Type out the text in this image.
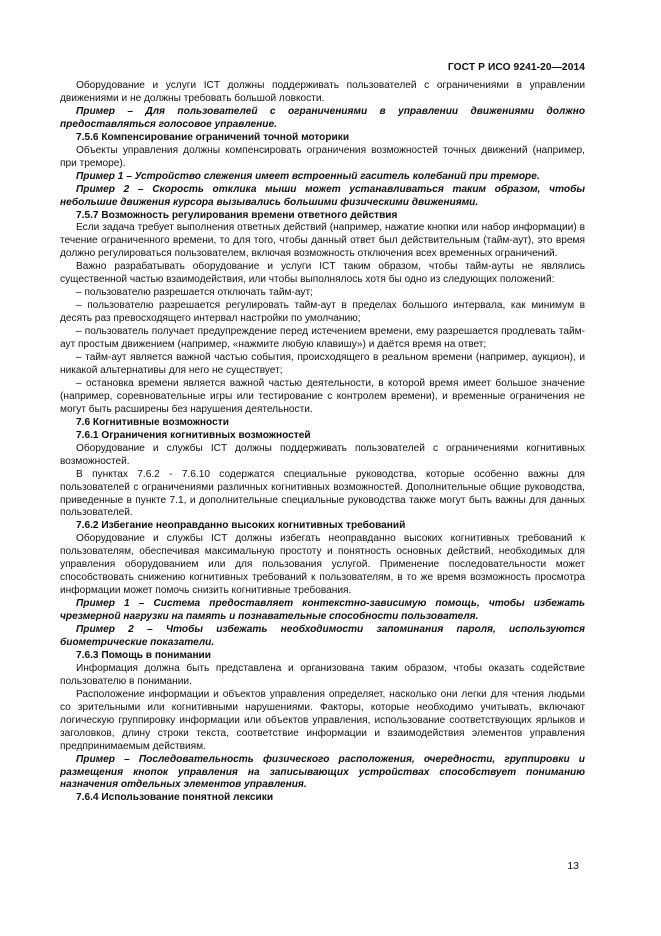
ГОСТ Р ИСО 9241-20—2014

Оборудование и услуги ICT должны поддерживать пользователей с ограничениями в управлении движениями и не должны требовать большой ловкости.

Пример – Для пользователей с ограничениями в управлении движениями должно предоставляться голосовое управление.

7.5.6 Компенсирование ограничений точной моторики

Объекты управления должны компенсировать ограничения возможностей точных движений (например, при треморе).

Пример 1 – Устройство слежения имеет встроенный гаситель колебаний при треморе.

Пример 2 – Скорость отклика мыши может устанавливаться таким образом, чтобы небольшие движения курсора вызывались большими физическими движениями.

7.5.7 Возможность регулирования времени ответного действия

Если задача требует выполнения ответных действий (например, нажатие кнопки или набор информации) в течение ограниченного времени, то для того, чтобы данный ответ был действительным (тайм-аут), это время должно регулироваться пользователем, включая возможность отключения всех временных ограничений.

Важно разрабатывать оборудование и услуги ICT таким образом, чтобы тайм-ауты не являлись существенной частью взаимодействия, или чтобы выполнялось хотя бы одно из следующих положений:

– пользователю разрешается отключать тайм-аут;

– пользователю разрешается регулировать тайм-аут в пределах большого интервала, как минимум в десять раз превосходящего интервал настройки по умолчанию;

– пользователь получает предупреждение перед истечением времени, ему разрешается продлевать тайм-аут простым движением (например, «нажмите любую клавишу») и даётся время на ответ;

– тайм-аут является важной частью события, происходящего в реальном времени (например, аукцион), и никакой альтернативы для него не существует;

– остановка времени является важной частью деятельности, в которой время имеет большое значение (например, соревновательные игры или тестирование с контролем времени), и временные ограничения не могут быть расширены без нарушения деятельности.

7.6 Когнитивные возможности

7.6.1 Ограничения когнитивных возможностей

Оборудование и службы ICT должны поддерживать пользователей с ограничениями когнитивных возможностей.

В пунктах 7.6.2 - 7.6.10 содержатся специальные руководства, которые особенно важны для пользователей с ограничениями различных когнитивных возможностей. Дополнительные общие руководства, приведенные в пункте 7.1, и дополнительные специальные руководства также могут быть важны для данных пользователей.

7.6.2 Избегание неоправданно высоких когнитивных требований

Оборудование и службы ICT должны избегать неоправданно высоких когнитивных требований к пользователям, обеспечивая максимальную простоту и понятность основных действий, необходимых для управления оборудованием или для пользования услугой. Применение последовательности может способствовать снижению когнитивных требований к пользователям, в то же время возможность просмотра информации может помочь снизить когнитивные требования.

Пример 1 – Система предоставляет контекстно-зависимую помощь, чтобы избежать чрезмерной нагрузки на память и познавательные способности пользователя.

Пример 2 – Чтобы избежать необходимости запоминания пароля, используются биометрические показатели.

7.6.3 Помощь в понимании

Информация должна быть представлена и организована таким образом, чтобы оказать содействие пользователю в понимании.

Расположение информации и объектов управления определяет, насколько они легки для чтения людьми со зрительными или когнитивными нарушениями. Факторы, которые необходимо учитывать, включают логическую группировку информации или объектов управления, использование соответствующих ярлыков и заголовков, длину строки текста, соответствие информации и взаимодействия элементов управления предпринимаемым действиям.

Пример – Последовательность физического расположения, очередности, группировки и размещения кнопок управления на записывающих устройствах способствует пониманию назначения отдельных элементов управления.

7.6.4 Использование понятной лексики

13
